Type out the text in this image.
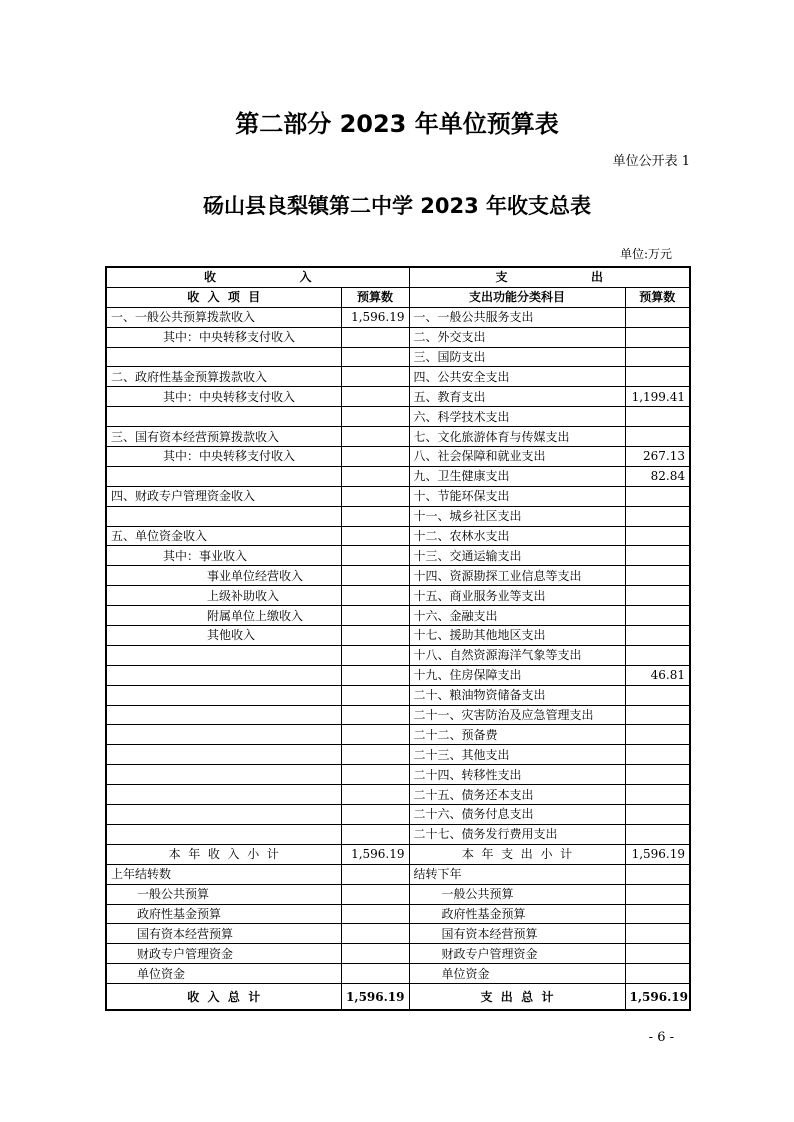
第二部分 2023 年单位预算表
单位公开表 1
砀山县良梨镇第二中学 2023 年收支总表
单位:万元
收                    入		支                    出	
收  入  项  目	预算数	支出功能分类科目	预算数
一、一般公共预算拨款收入	1,596.19	一、一般公共服务支出	
其中：中央转移支付收入		二、外交支出	
		三、国防支出	
二、政府性基金预算拨款收入		四、公共安全支出	
其中：中央转移支付收入		五、教育支出	1,199.41
		六、科学技术支出	
三、国有资本经营预算拨款收入		七、文化旅游体育与传媒支出	
其中：中央转移支付收入		八、社会保障和就业支出	267.13
		九、卫生健康支出	82.84
四、财政专户管理资金收入		十、节能环保支出	
		十一、城乡社区支出	
五、单位资金收入		十二、农林水支出	
其中：事业收入		十三、交通运输支出	
事业单位经营收入		十四、资源勘探工业信息等支出	
上级补助收入		十五、商业服务业等支出	
附属单位上缴收入		十六、金融支出	
其他收入		十七、援助其他地区支出	
		十八、自然资源海洋气象等支出	
		十九、住房保障支出	46.81
		二十、粮油物资储备支出	
		二十一、灾害防治及应急管理支出	
		二十二、预备费	
		二十三、其他支出	
		二十四、转移性支出	
		二十五、债务还本支出	
		二十六、债务付息支出	
		二十七、债务发行费用支出	
本  年  收  入  小  计	1,596.19	本  年  支  出  小  计	1,596.19
上年结转数		结转下年	
一般公共预算		一般公共预算	
政府性基金预算		政府性基金预算	
国有资本经营预算		国有资本经营预算	
财政专户管理资金		财政专户管理资金	
单位资金		单位资金	
收  入  总  计	1,596.19	支  出  总  计	1,596.19
- 6 -
